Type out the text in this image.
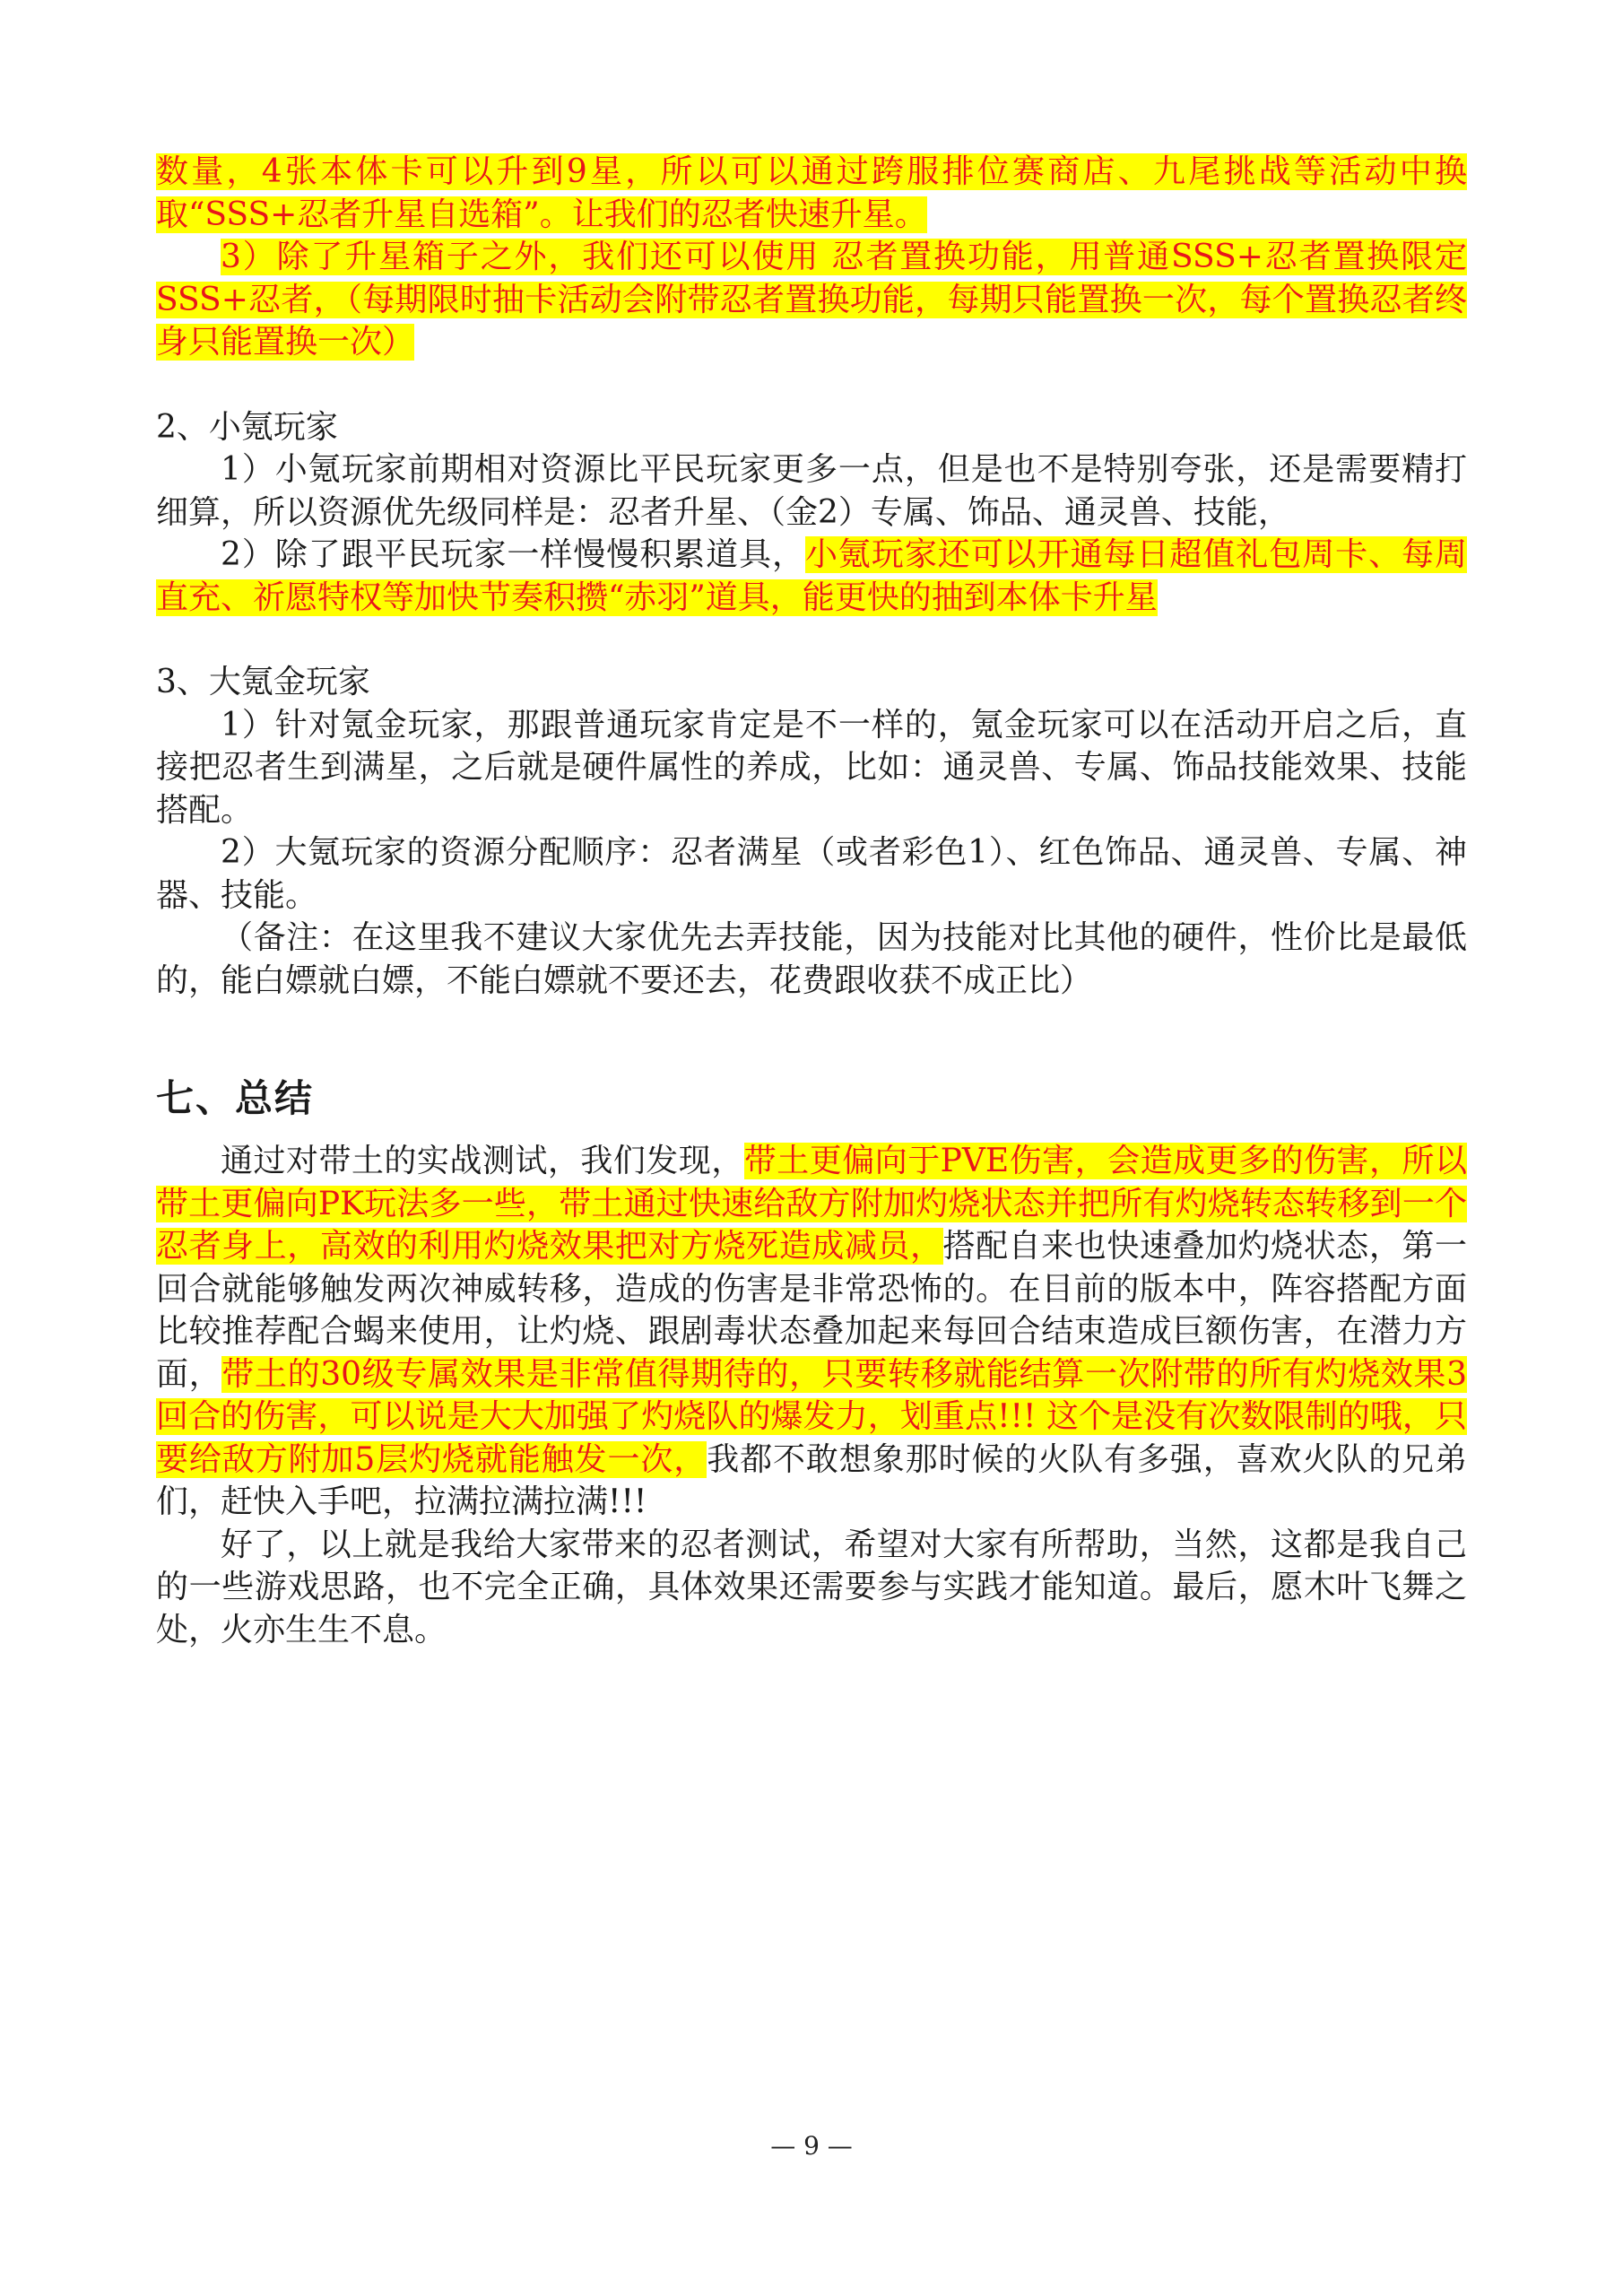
数量，4张本体卡可以升到9星，所以可以通过跨服排位赛商店、九尾挑战等活动中换取“SSS+忍者升星自选箱”。让我们的忍者快速升星。

3）除了升星箱子之外，我们还可以使用 忍者置换功能，用普通SSS+忍者置换限定SSS+忍者，（每期限时抽卡活动会附带忍者置换功能，每期只能置换一次，每个置换忍者终身只能置换一次）

2、小氪玩家

1）小氪玩家前期相对资源比平民玩家更多一点，但是也不是特别夸张，还是需要精打细算，所以资源优先级同样是：忍者升星、（金2）专属、饰品、通灵兽、技能，

2）除了跟平民玩家一样慢慢积累道具，小氪玩家还可以开通每日超值礼包周卡、每周直充、祈愿特权等加快节奏积攒“赤羽”道具，能更快的抽到本体卡升星

3、大氪金玩家

1）针对氪金玩家，那跟普通玩家肯定是不一样的，氪金玩家可以在活动开启之后，直接把忍者生到满星，之后就是硬件属性的养成，比如：通灵兽、专属、饰品技能效果、技能搭配。

2）大氪玩家的资源分配顺序：忍者满星（或者彩色1）、红色饰品、通灵兽、专属、神器、技能。

（备注：在这里我不建议大家优先去弄技能，因为技能对比其他的硬件，性价比是最低的，能白嫖就白嫖，不能白嫖就不要还去，花费跟收获不成正比）

七、总结

通过对带土的实战测试，我们发现，带土更偏向于PVE伤害，会造成更多的伤害，所以带土更偏向PK玩法多一些，带土通过快速给敌方附加灼烧状态并把所有灼烧转态转移到一个忍者身上，高效的利用灼烧效果把对方烧死造成减员，搭配自来也快速叠加灼烧状态，第一回合就能够触发两次神威转移，造成的伤害是非常恐怖的。在目前的版本中，阵容搭配方面比较推荐配合蝎来使用，让灼烧、跟剧毒状态叠加起来每回合结束造成巨额伤害，在潜力方面，带土的30级专属效果是非常值得期待的，只要转移就能结算一次附带的所有灼烧效果3回合的伤害，可以说是大大加强了灼烧队的爆发力，划重点!!! 这个是没有次数限制的哦，只要给敌方附加5层灼烧就能触发一次，我都不敢想象那时候的火队有多强，喜欢火队的兄弟们，赶快入手吧，拉满拉满拉满!!!

好了，以上就是我给大家带来的忍者测试，希望对大家有所帮助，当然，这都是我自己的一些游戏思路，也不完全正确，具体效果还需要参与实践才能知道。最后，愿木叶飞舞之处，火亦生生不息。

— 9 —
